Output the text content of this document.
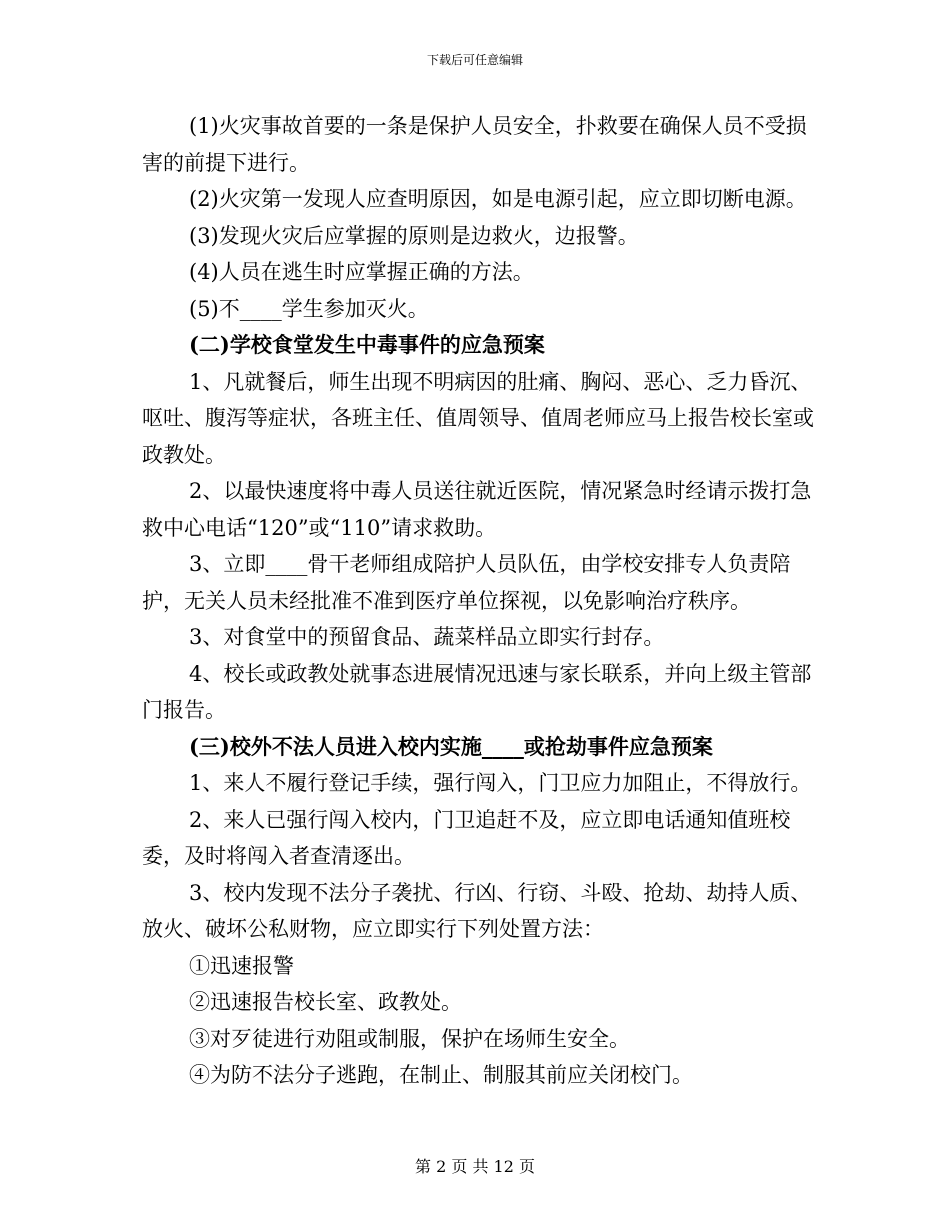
下载后可任意编辑

(1)火灾事故首要的一条是保护人员安全，扑救要在确保人员不受损害的前提下进行。

(2)火灾第一发现人应查明原因，如是电源引起，应立即切断电源。

(3)发现火灾后应掌握的原则是边救火，边报警。

(4)人员在逃生时应掌握正确的方法。

(5)不____学生参加灭火。

(二)学校食堂发生中毒事件的应急预案

1、凡就餐后，师生出现不明病因的肚痛、胸闷、恶心、乏力昏沉、呕吐、腹泻等症状，各班主任、值周领导、值周老师应马上报告校长室或政教处。

2、以最快速度将中毒人员送往就近医院，情况紧急时经请示拨打急救中心电话“120”或“110”请求救助。

3、立即____骨干老师组成陪护人员队伍，由学校安排专人负责陪护，无关人员未经批准不准到医疗单位探视，以免影响治疗秩序。

3、对食堂中的预留食品、蔬菜样品立即实行封存。

4、校长或政教处就事态进展情况迅速与家长联系，并向上级主管部门报告。

(三)校外不法人员进入校内实施____或抢劫事件应急预案

1、来人不履行登记手续，强行闯入，门卫应力加阻止，不得放行。

2、来人已强行闯入校内，门卫追赶不及，应立即电话通知值班校委，及时将闯入者查清逐出。

3、校内发现不法分子袭扰、行凶、行窃、斗殴、抢劫、劫持人质、放火、破坏公私财物，应立即实行下列处置方法：

①迅速报警

②迅速报告校长室、政教处。

③对歹徒进行劝阻或制服，保护在场师生安全。

④为防不法分子逃跑，在制止、制服其前应关闭校门。

第 2 页 共 12 页
